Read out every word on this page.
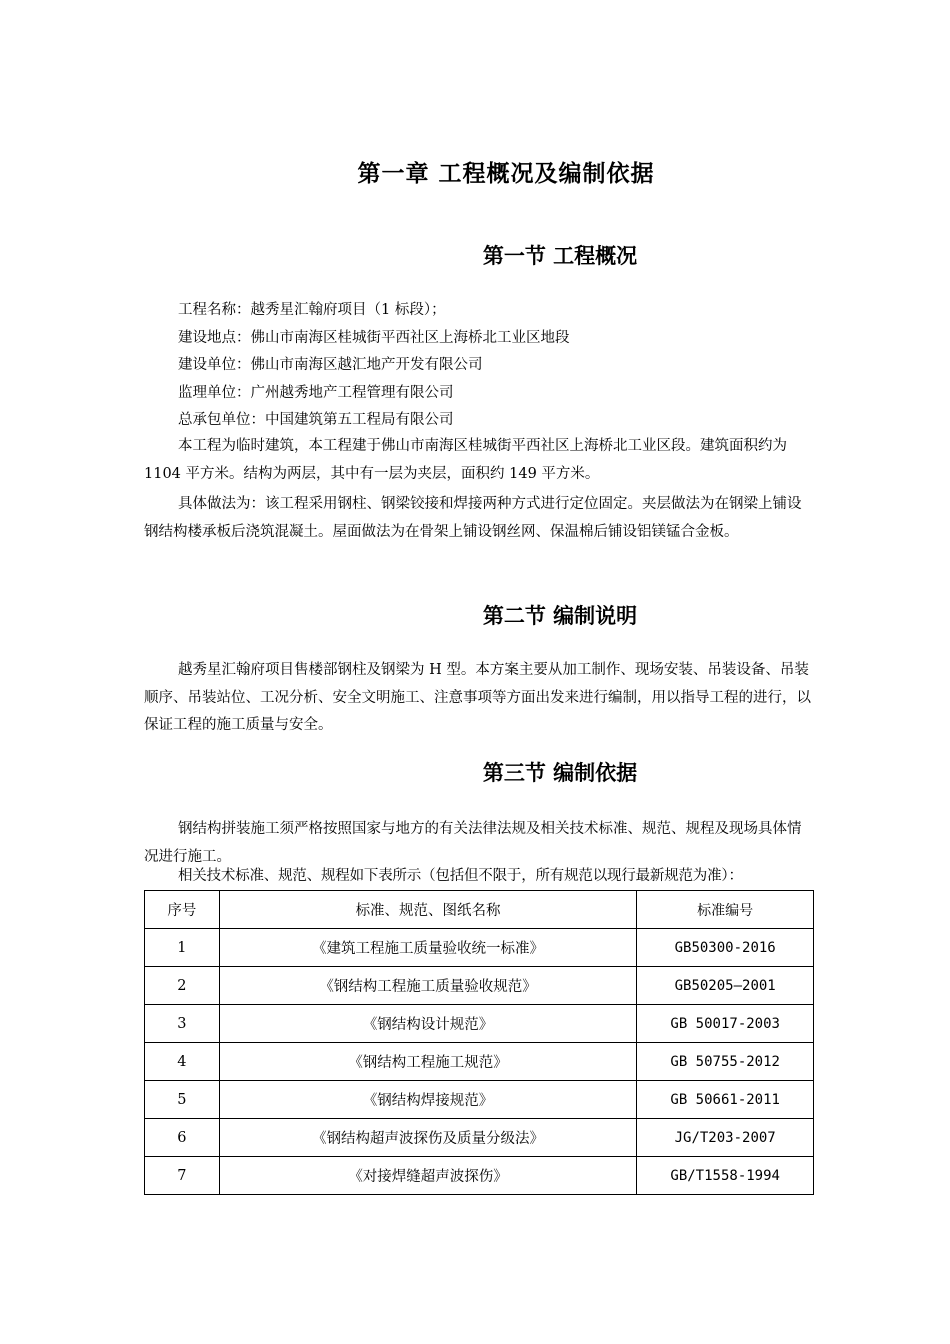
第一章 工程概况及编制依据
第一节 工程概况

工程名称：越秀星汇翰府项目（1 标段）；

建设地点：佛山市南海区桂城街平西社区上海桥北工业区地段

建设单位：佛山市南海区越汇地产开发有限公司

监理单位：广州越秀地产工程管理有限公司

总承包单位：中国建筑第五工程局有限公司

本工程为临时建筑，本工程建于佛山市南海区桂城街平西社区上海桥北工业区段。建筑面积约为 1104 平方米。结构为两层，其中有一层为夹层，面积约 149 平方米。

具体做法为：该工程采用钢柱、钢梁铰接和焊接两种方式进行定位固定。夹层做法为在钢梁上铺设钢结构楼承板后浇筑混凝土。屋面做法为在骨架上铺设钢丝网、保温棉后铺设铝镁锰合金板。

第二节 编制说明

越秀星汇翰府项目售楼部钢柱及钢梁为 H 型。本方案主要从加工制作、现场安装、吊装设备、吊装顺序、吊装站位、工况分析、安全文明施工、注意事项等方面出发来进行编制，用以指导工程的进行，以保证工程的施工质量与安全。

第三节 编制依据

钢结构拼装施工须严格按照国家与地方的有关法律法规及相关技术标准、规范、规程及现场具体情况进行施工。

相关技术标准、规范、规程如下表所示（包括但不限于，所有规范以现行最新规范为准）：

序号	标准、规范、图纸名称	标准编号
1	《建筑工程施工质量验收统一标准》	GB50300-2016
2	《钢结构工程施工质量验收规范》	GB50205—2001
3	《钢结构设计规范》	GB 50017-2003
4	《钢结构工程施工规范》	GB 50755-2012
5	《钢结构焊接规范》	GB 50661-2011
6	《钢结构超声波探伤及质量分级法》	JG/T203-2007
7	《对接焊缝超声波探伤》	GB/T1558-1994
